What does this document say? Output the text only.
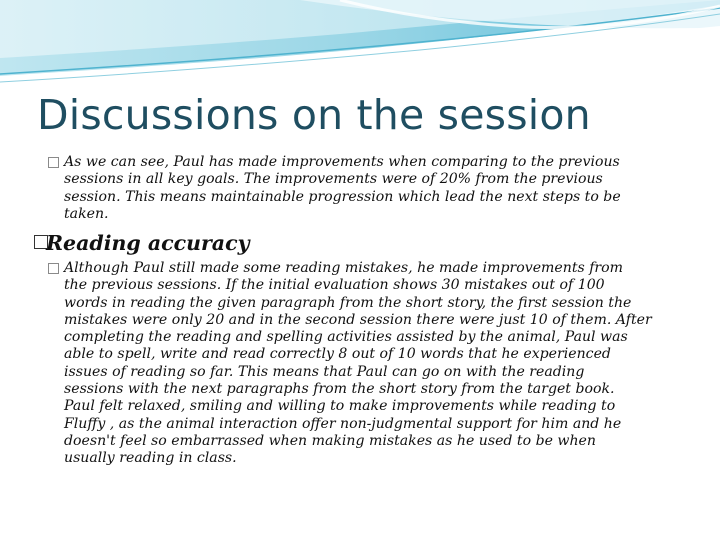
Discussions on the session
As we can see, Paul has made improvements when comparing to the previous
sessions in all key goals. The improvements were of 20% from the previous
session. This means maintainable progression which lead the next steps to be
taken.
Reading accuracy
Although Paul still made some reading mistakes, he made improvements from
the previous sessions. If the initial evaluation shows 30 mistakes out of 100
words in reading the given paragraph from the short story, the first session the
mistakes were only 20 and in the second session there were just 10 of them. After
completing the reading and spelling activities assisted by the animal, Paul was
able to spell, write and read correctly 8 out of 10 words that he experienced
issues of reading so far. This means that Paul can go on with the reading
sessions with the next paragraphs from the short story from the target book.
Paul felt relaxed, smiling and willing to make improvements while reading to
Fluffy , as the animal interaction offer non-judgmental support for him and he
doesn't feel so embarrassed when making mistakes as he used to be when
usually reading in class.
